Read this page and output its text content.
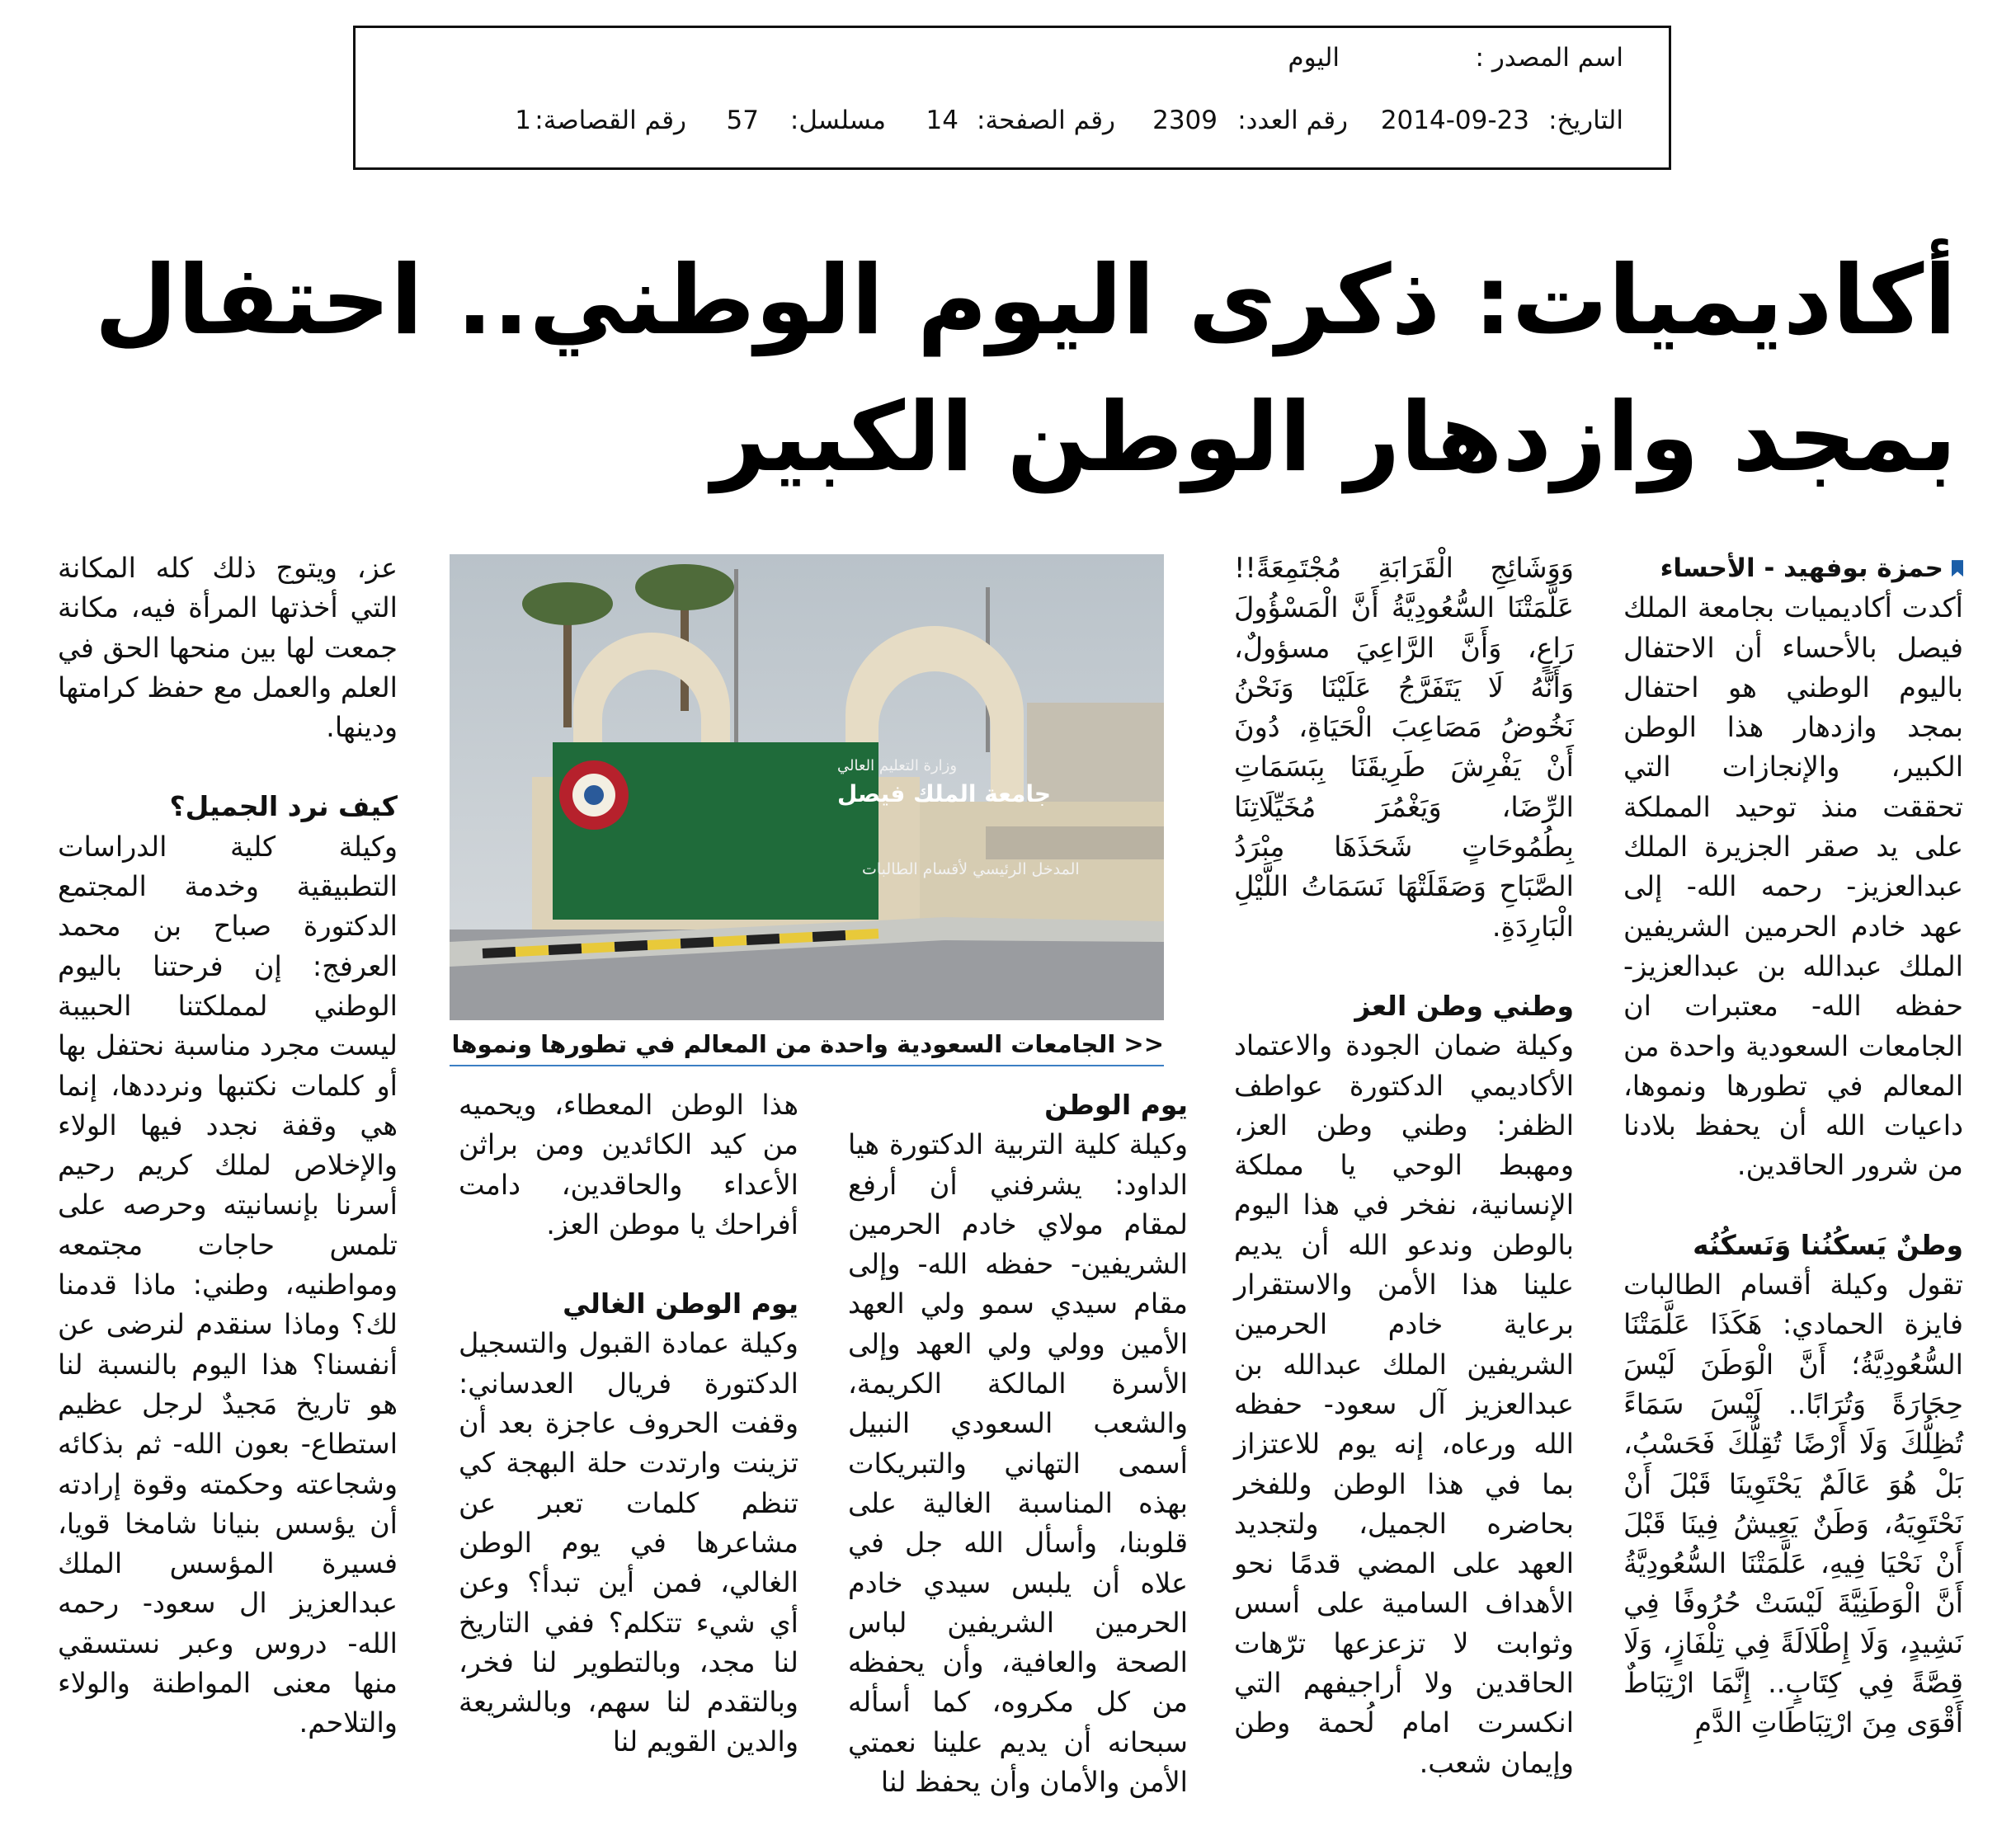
اسم المصدر :
اليوم
التاريخ:
2014-09-23
رقم العدد:
2309
رقم الصفحة:
14
مسلسل:
57
رقم القصاصة:
1
أكاديميات: ذكرى اليوم الوطني.. احتفال
بمجد وازدهار الوطن الكبير
حمزة بوفهيد - الأحساء

أكدت أكاديميات بجامعة الملك فيصل بالأحساء أن الاحتفال باليوم الوطني هو احتفال بمجد وازدهار هذا الوطن الكبير، والإنجازات التي تحققت منذ توحيد المملكة على يد صقر الجزيرة الملك عبدالعزيز- رحمه الله- إلى عهد خادم الحرمين الشريفين الملك عبدالله بن عبدالعزيز- حفظه الله- معتبرات ان الجامعات السعودية واحدة من المعالم في تطورها ونموها، داعيات الله أن يحفظ بلادنا من شرور الحاقدين.

وطنٌ يَسكُنُنا وَنَسكُنُه

تقول وكيلة أقسام الطالبات فايزة الحمادي: هَكَذَا عَلَّمَتْنَا السُّعُودِيَّةُ؛ أَنَّ الْوَطَنَ لَيْسَ حِجَارَةً وَتُرَابًا.. لَيْسَ سَمَاءً تُظِلُّكَ وَلَا أَرْضًا تُقِلُّكَ فَحَسْبُ، بَلْ هُوَ عَالَمٌ يَحْتَوِينَا قَبْلَ أَنْ نَحْتَوِيَهُ، وَطَنٌ يَعِيشُ فِينَا قَبْلَ أَنْ نَحْيَا فِيهِ، عَلَّمَتْنَا السُّعُودِيَّةُ أَنَّ الْوَطَنِيَّةَ لَيْسَتْ حُرُوفًا فِي نَشِيدٍ، وَلَا إِطْلَالَةً فِي تِلْفَازٍ، وَلَا قِصَّةً فِي كِتَابٍ.. إِنَّمَا ارْتِبَاطٌ أَقْوَى مِنَ ارْتِبَاطَاتِ الدَّمِ

وَوَشَائِجِ الْقَرَابَةِ مُجْتَمِعَةً!! عَلَّمَتْنَا السُّعُودِيَّةُ أَنَّ الْمَسْؤُولَ رَاعٍ، وَأَنَّ الرَّاعِيَ مسؤولٌ، وَأَنَّهُ لَا يَتَفَرَّجُ عَلَيْنَا وَنَحْنُ نَخُوضُ مَصَاعِبَ الْحَيَاةِ، دُونَ أَنْ يَفْرِشَ طَرِيقَنَا بِبَسَمَاتِ الرِّضَا، وَيَغْمُرَ مُخَيِّلَاتِنَا بِطُمُوحَاتٍ شَحَذَهَا مِبْرَدُ الصَّبَاحِ وَصَقَلَتْهَا نَسَمَاتُ اللَّيْلِ الْبَارِدَةِ.

وطني وطن العز

وكيلة ضمان الجودة والاعتماد الأكاديمي الدكتورة عواطف الظفر: وطني وطن العز، ومهبط الوحي يا مملكة الإنسانية، نفخر في هذا اليوم بالوطن وندعو الله أن يديم علينا هذا الأمن والاستقرار برعاية خادم الحرمين الشريفين الملك عبدالله بن عبدالعزيز آل سعود- حفظه الله ورعاه، إنه يوم للاعتزاز بما في هذا الوطن وللفخر بحاضره الجميل، ولتجديد العهد على المضي قدمًا نحو الأهداف السامية على أسس وثوابت لا تزعزعها ترّهات الحاقدين ولا أراجيفهم التي انكسرت امام لُحمة وطن وإيمان شعب.

وزارة التعليم العالي
جامعة الملك فيصل
المدخل الرئيسي لأقسام الطالبات
<< الجامعات السعودية واحدة من المعالم في تطورها ونموها
يوم الوطن

وكيلة كلية التربية الدكتورة هيا الداود: يشرفني أن أرفع لمقام مولاي خادم الحرمين الشريفين- حفظه الله- وإلى مقام سيدي سمو ولي العهد الأمين وولي ولي العهد وإلى الأسرة المالكة الكريمة، والشعب السعودي النبيل أسمى التهاني والتبريكات بهذه المناسبة الغالية على قلوبنا، وأسأل الله جل في علاه أن يلبس سيدي خادم الحرمين الشريفين لباس الصحة والعافية، وأن يحفظه من كل مكروه، كما أسأله سبحانه أن يديم علينا نعمتي الأمن والأمان وأن يحفظ لنا

هذا الوطن المعطاء، ويحميه من كيد الكائدين ومن براثن الأعداء والحاقدين، دامت أفراحك يا موطن العز.

يوم الوطن الغالي

وكيلة عمادة القبول والتسجيل الدكتورة فريال العدساني: وقفت الحروف عاجزة بعد أن تزينت وارتدت حلة البهجة كي تنظم كلمات تعبر عن مشاعرها في يوم الوطن الغالي، فمن أين تبدأ؟ وعن أي شيء تتكلم؟ ففي التاريخ لنا مجد، وبالتطوير لنا فخر، وبالتقدم لنا سهم، وبالشريعة والدين القويم لنا

عز، ويتوج ذلك كله المكانة التي أخذتها المرأة فيه، مكانة جمعت لها بين منحها الحق في العلم والعمل مع حفظ كرامتها ودينها.

كيف نرد الجميل؟

وكيلة كلية الدراسات التطبيقية وخدمة المجتمع الدكتورة صباح بن محمد العرفج: إن فرحتنا باليوم الوطني لمملكتنا الحبيبة ليست مجرد مناسبة نحتفل بها أو كلمات نكتبها ونرددها، إنما هي وقفة نجدد فيها الولاء والإخلاص لملك كريم رحيم أسرنا بإنسانيته وحرصه على تلمس حاجات مجتمعه ومواطنيه، وطني: ماذا قدمنا لك؟ وماذا سنقدم لنرضى عن أنفسنا؟ هذا اليوم بالنسبة لنا هو تاريخ مَجيدٌ لرجل عظيم استطاع- بعون الله- ثم بذكائه وشجاعته وحكمته وقوة إرادته أن يؤسس بنيانا شامخا قويا، فسيرة المؤسس الملك عبدالعزيز ال سعود- رحمه الله- دروس وعبر نستسقي منها معنى المواطنة والولاء والتلاحم.
